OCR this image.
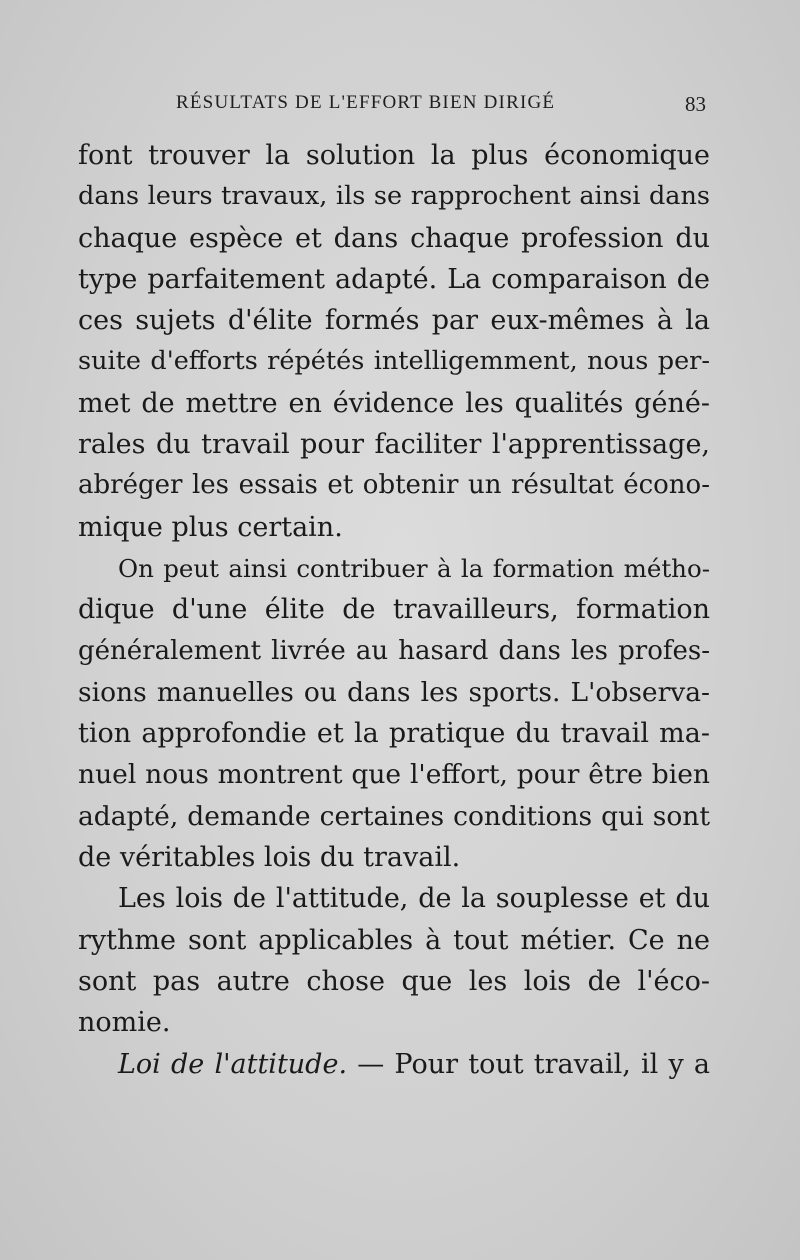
RÉSULTATS DE L'EFFORT BIEN DIRIGÉ	83
font trouver la solution la plus économique
dans leurs travaux, ils se rapprochent ainsi dans
chaque espèce et dans chaque profession du
type parfaitement adapté. La comparaison de
ces sujets d'élite formés par eux-mêmes à la
suite d'efforts répétés intelligemment, nous per-
met de mettre en évidence les qualités géné-
rales du travail pour faciliter l'apprentissage,
abréger les essais et obtenir un résultat écono-
mique plus certain.
On peut ainsi contribuer à la formation métho-
dique d'une élite de travailleurs, formation
généralement livrée au hasard dans les profes-
sions manuelles ou dans les sports. L'observa-
tion approfondie et la pratique du travail ma-
nuel nous montrent que l'effort, pour être bien
adapté, demande certaines conditions qui sont
de véritables lois du travail.
Les lois de l'attitude, de la souplesse et du
rythme sont applicables à tout métier. Ce ne
sont pas autre chose que les lois de l'éco-
nomie.
Loi de l'attitude. — Pour tout travail, il y a
